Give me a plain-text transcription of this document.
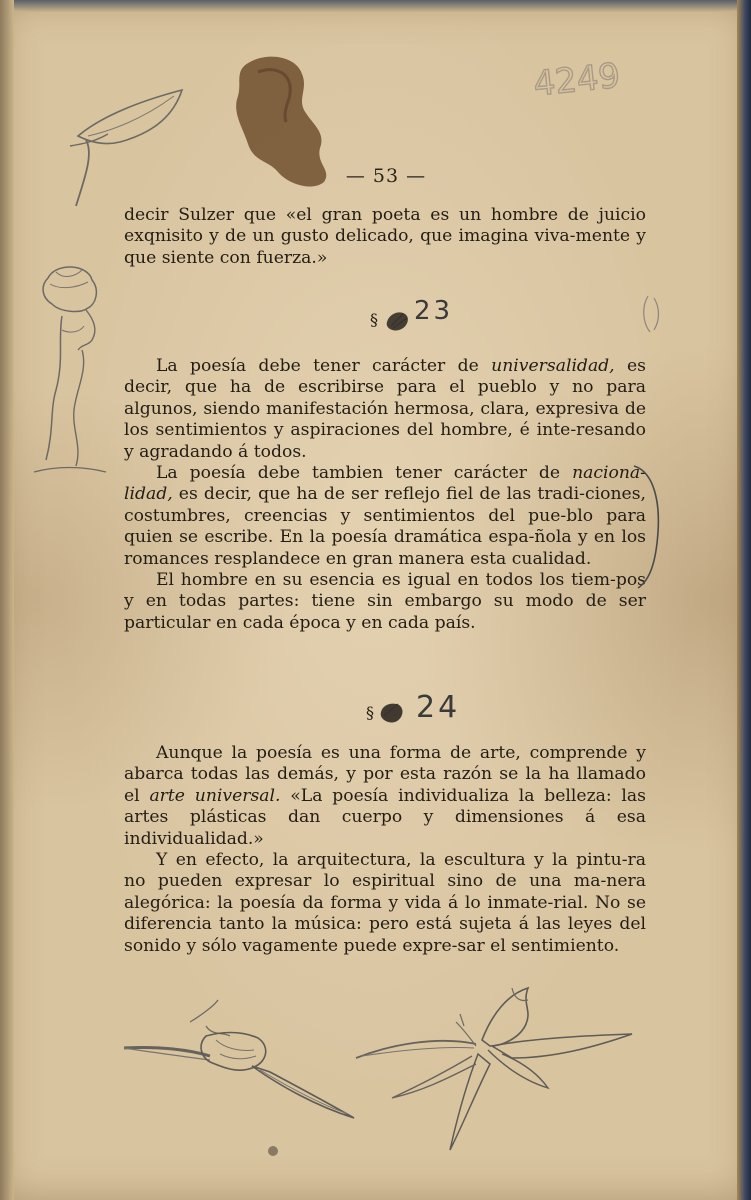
4249
— 53 —

decir Sulzer que «el gran poeta es un hombre de juicio exqnisito y de un gusto delicado, que imagina viva-mente y que siente con fuerza.»

§ 23

La poesía debe tener carácter de universalidad, es decir, que ha de escribirse para el pueblo y no para algunos, siendo manifestación hermosa, clara, expresiva de los sentimientos y aspiraciones del hombre, é inte-resando y agradando á todos.

La poesía debe tambien tener carácter de naciona-lidad, es decir, que ha de ser reflejo fiel de las tradi-ciones, costumbres, creencias y sentimientos del pue-blo para quien se escribe. En la poesía dramática espa-ñola y en los romances resplandece en gran manera esta cualidad.

El hombre en su esencia es igual en todos los tiem-pos y en todas partes: tiene sin embargo su modo de ser particular en cada época y en cada país.

§ 24

Aunque la poesía es una forma de arte, comprende y abarca todas las demás, y por esta razón se la ha llamado el arte universal. «La poesía individualiza la belleza: las artes plásticas dan cuerpo y dimensiones á esa individualidad.»

Y en efecto, la arquitectura, la escultura y la pintu-ra no pueden expresar lo espiritual sino de una ma-nera alegórica: la poesía da forma y vida á lo inmate-rial. No se diferencia tanto la música: pero está sujeta á las leyes del sonido y sólo vagamente puede expre-sar el sentimiento.
